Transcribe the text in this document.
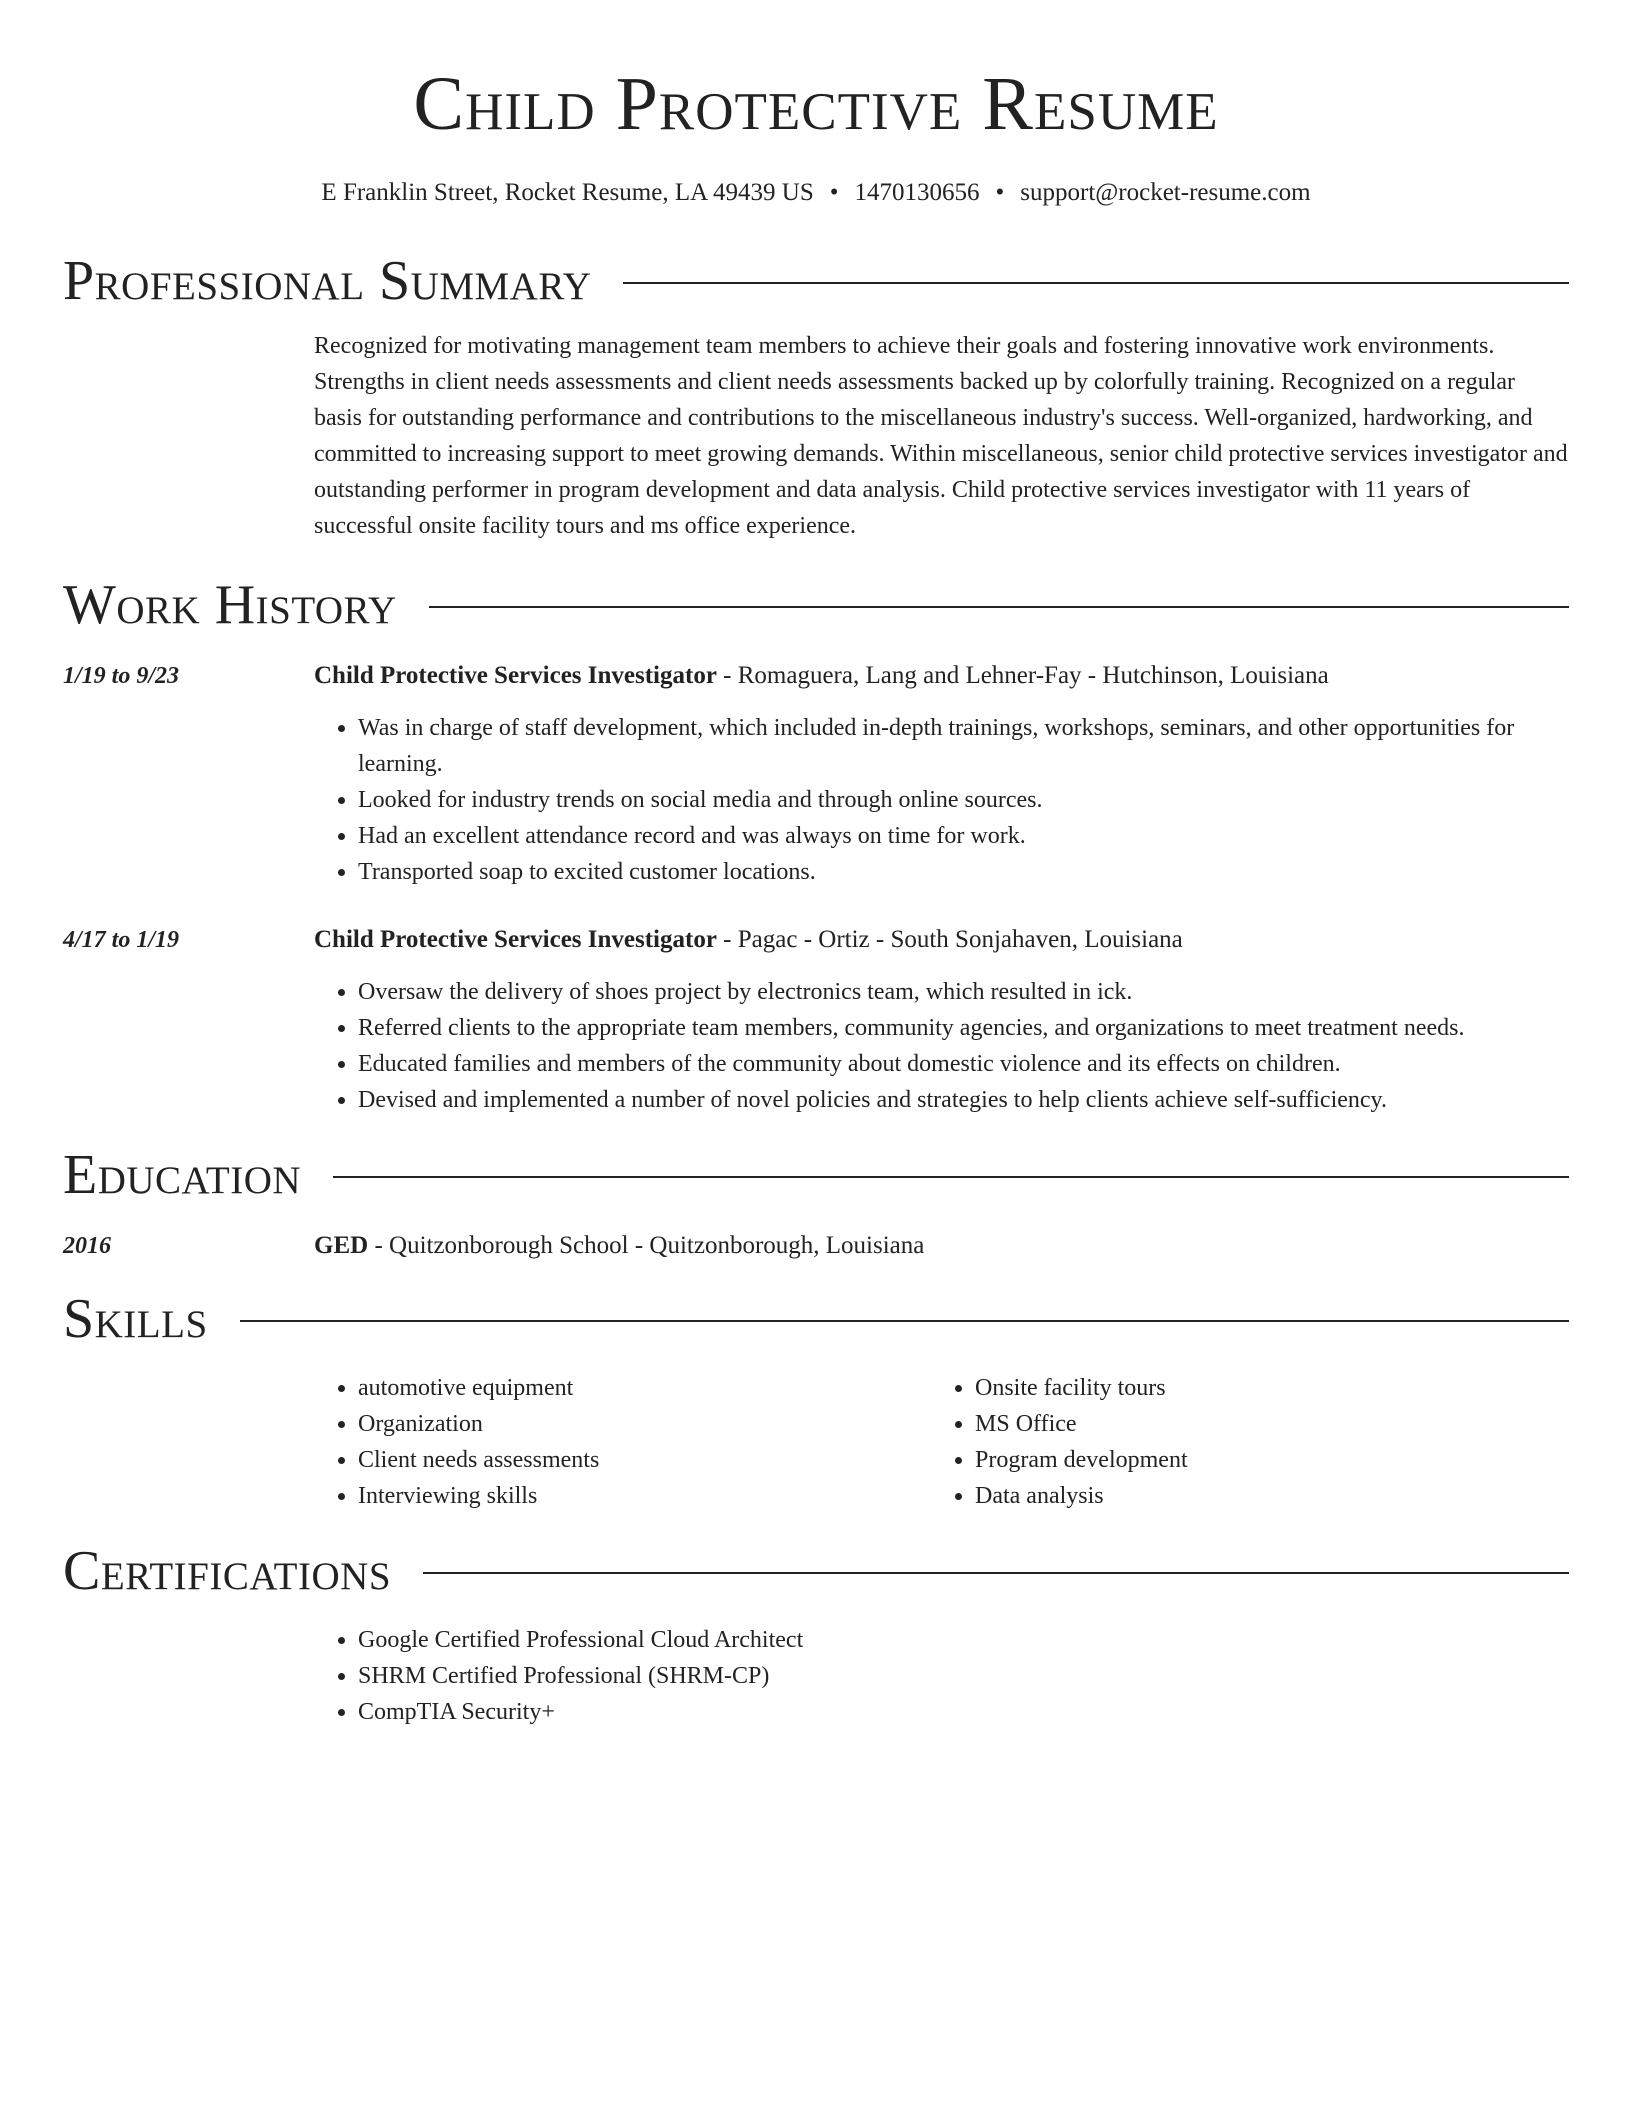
Child Protective Resume
E Franklin Street, Rocket Resume, LA 49439 US • 1470130656 • support@rocket-resume.com
Professional Summary
Recognized for motivating management team members to achieve their goals and fostering innovative work environments. Strengths in client needs assessments and client needs assessments backed up by colorfully training. Recognized on a regular basis for outstanding performance and contributions to the miscellaneous industry's success. Well-organized, hardworking, and committed to increasing support to meet growing demands. Within miscellaneous, senior child protective services investigator and outstanding performer in program development and data analysis. Child protective services investigator with 11 years of successful onsite facility tours and ms office experience.
Work History
1/19 to 9/23	Child Protective Services Investigator - Romaguera, Lang and Lehner-Fay - Hutchinson, Louisiana
• Was in charge of staff development, which included in-depth trainings, workshops, seminars, and other opportunities for learning.
• Looked for industry trends on social media and through online sources.
• Had an excellent attendance record and was always on time for work.
• Transported soap to excited customer locations.
4/17 to 1/19	Child Protective Services Investigator - Pagac - Ortiz - South Sonjahaven, Louisiana
• Oversaw the delivery of shoes project by electronics team, which resulted in ick.
• Referred clients to the appropriate team members, community agencies, and organizations to meet treatment needs.
• Educated families and members of the community about domestic violence and its effects on children.
• Devised and implemented a number of novel policies and strategies to help clients achieve self-sufficiency.
Education
2016	GED - Quitzonborough School - Quitzonborough, Louisiana
Skills
• automotive equipment
• Organization
• Client needs assessments
• Interviewing skills
• Onsite facility tours
• MS Office
• Program development
• Data analysis
Certifications
• Google Certified Professional Cloud Architect
• SHRM Certified Professional (SHRM-CP)
• CompTIA Security+
